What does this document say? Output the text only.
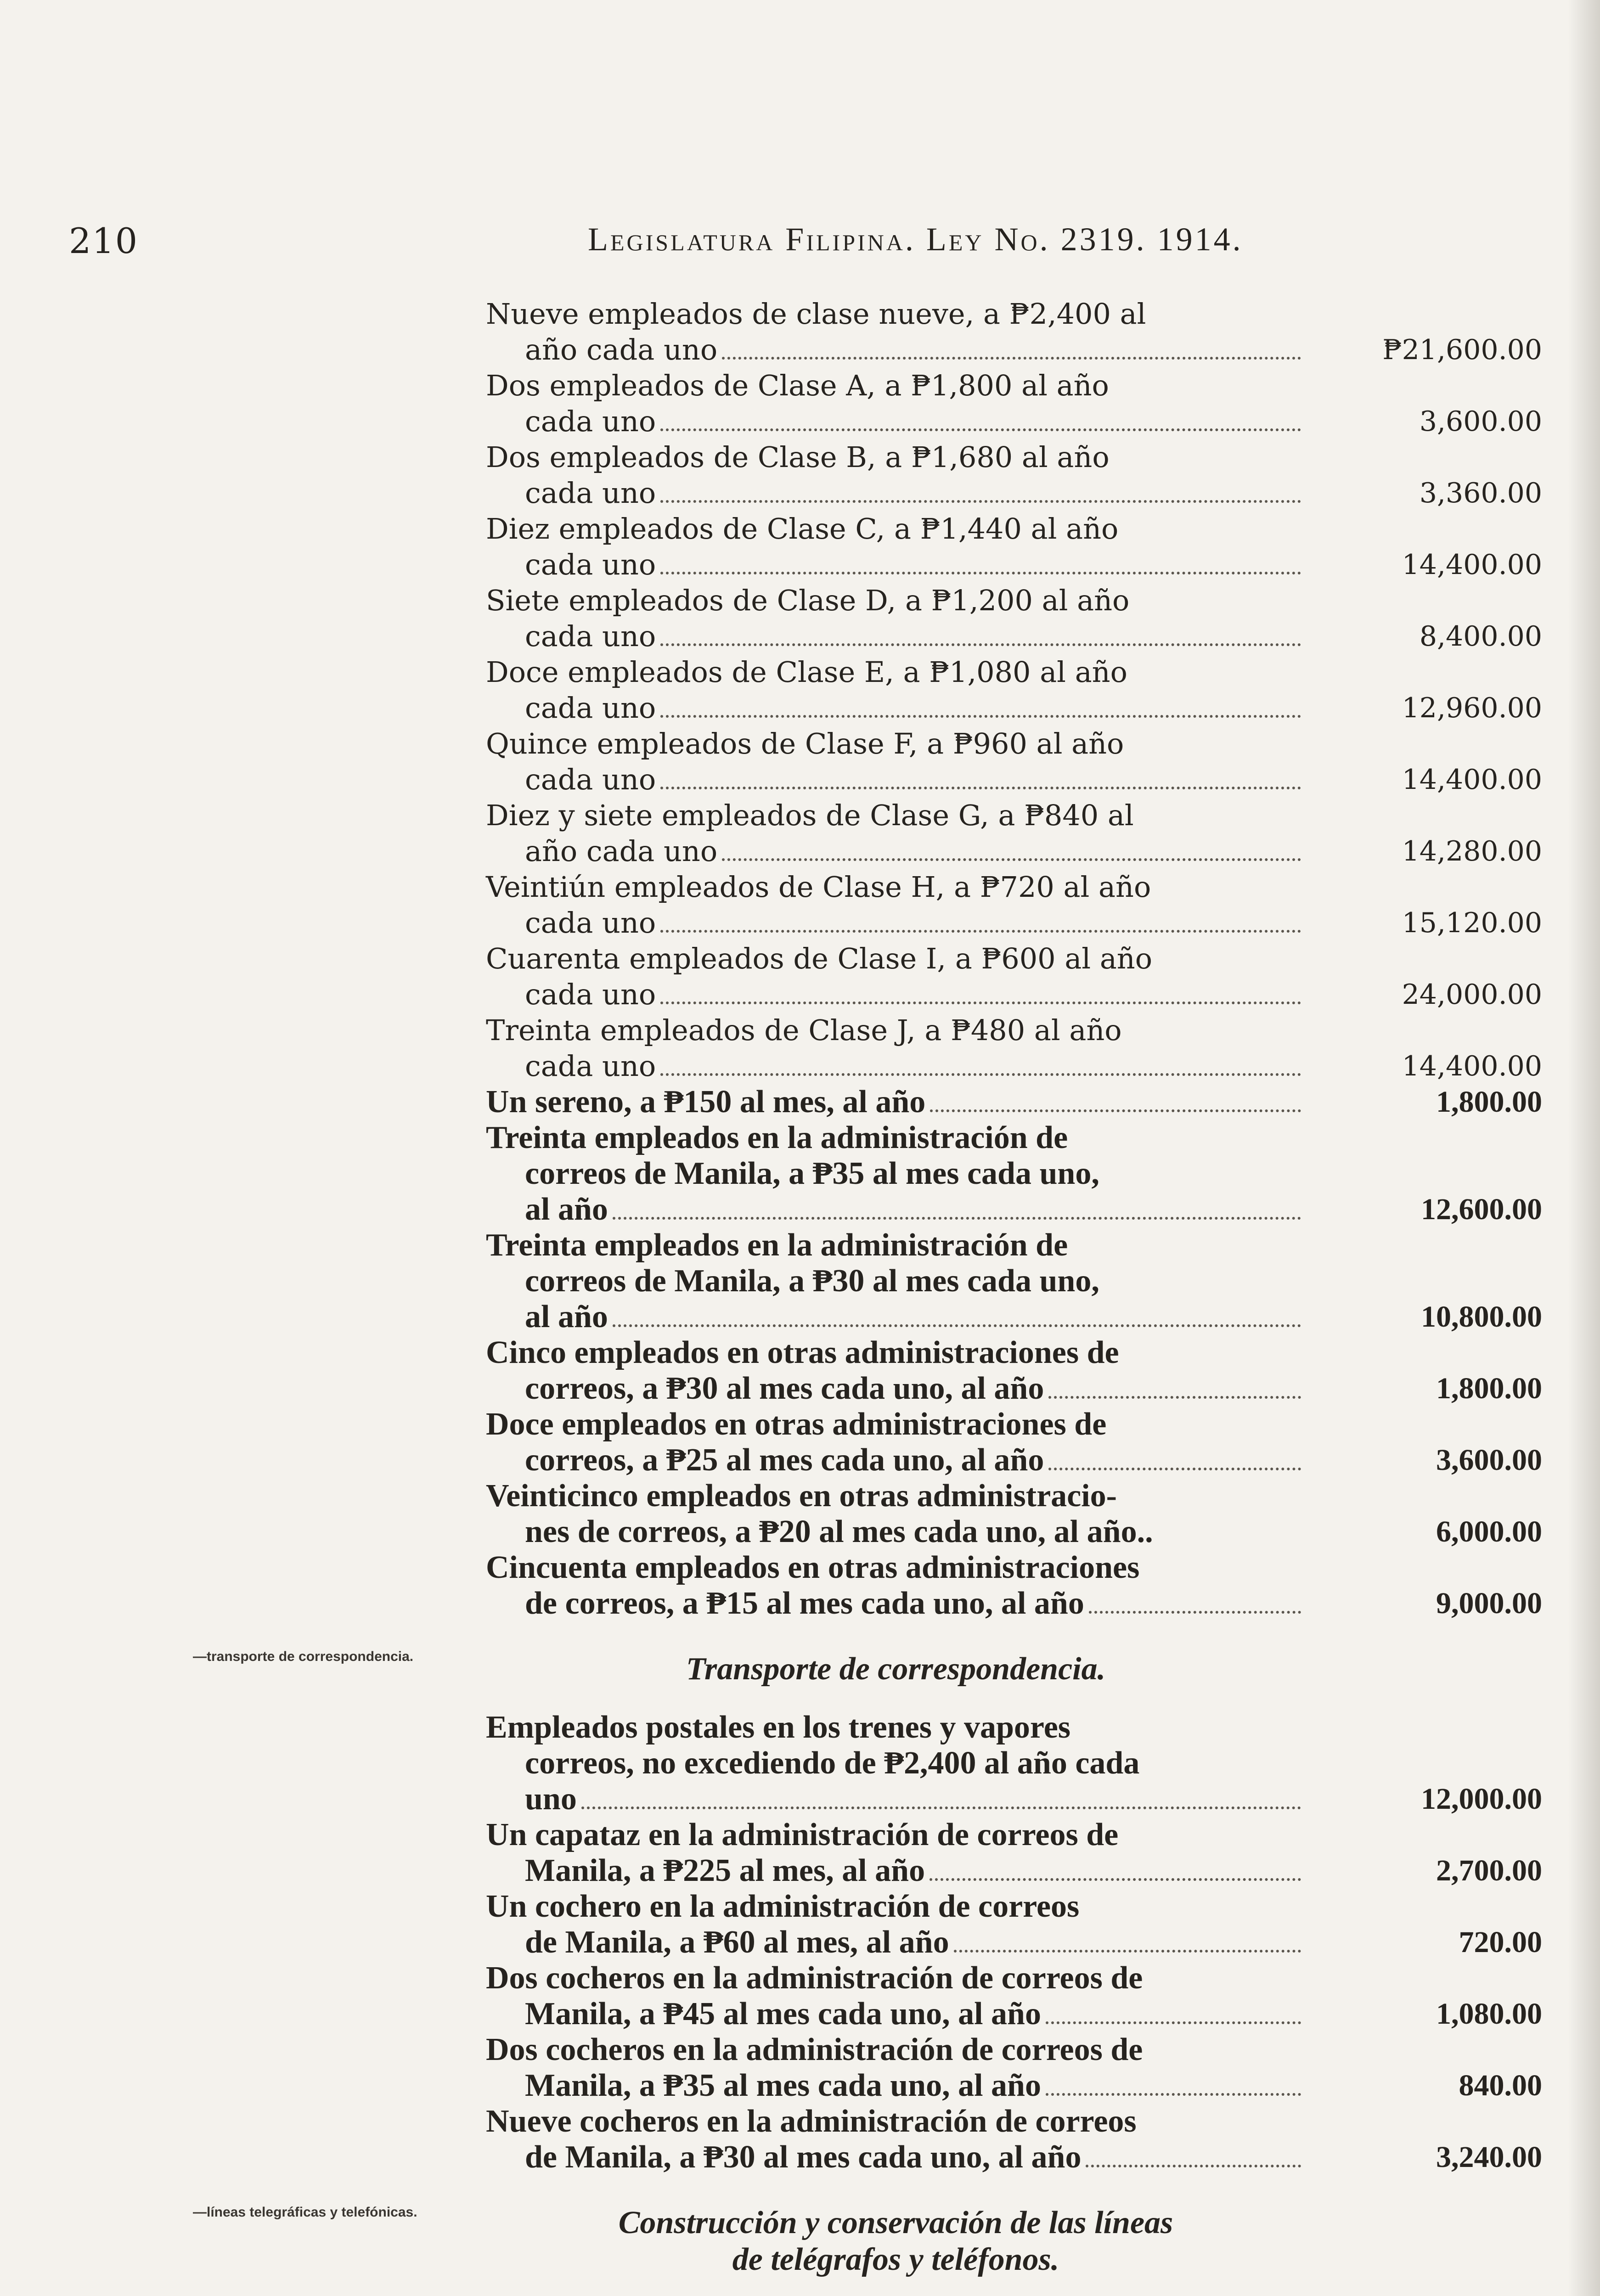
210	Legislatura Filipina. Ley No. 2319. 1914.
—transporte de correspondencia.
—líneas telegráficas y telefónicas.
Nueve empleados de clase nueve, a ₱2,400 al
año cada uno	₱21,600.00
Dos empleados de Clase A, a ₱1,800 al año
cada uno	3,600.00
Dos empleados de Clase B, a ₱1,680 al año
cada uno	3,360.00
Diez empleados de Clase C, a ₱1,440 al año
cada uno	14,400.00
Siete empleados de Clase D, a ₱1,200 al año
cada uno	8,400.00
Doce empleados de Clase E, a ₱1,080 al año
cada uno	12,960.00
Quince empleados de Clase F, a ₱960 al año
cada uno	14,400.00
Diez y siete empleados de Clase G, a ₱840 al
año cada uno	14,280.00
Veintiún empleados de Clase H, a ₱720 al año
cada uno	15,120.00
Cuarenta empleados de Clase I, a ₱600 al año
cada uno	24,000.00
Treinta empleados de Clase J, a ₱480 al año
cada uno	14,400.00
Un sereno, a ₱150 al mes, al año	1,800.00
Treinta empleados en la administración de
correos de Manila, a ₱35 al mes cada uno,
al año	12,600.00
Treinta empleados en la administración de
correos de Manila, a ₱30 al mes cada uno,
al año	10,800.00
Cinco empleados en otras administraciones de
correos, a ₱30 al mes cada uno, al año	1,800.00
Doce empleados en otras administraciones de
correos, a ₱25 al mes cada uno, al año	3,600.00
Veinticinco empleados en otras administracio-
nes de correos, a ₱20 al mes cada uno, al año..	6,000.00
Cincuenta empleados en otras administraciones
de correos, a ₱15 al mes cada uno, al año	9,000.00
Transporte de correspondencia.
Empleados postales en los trenes y vapores
correos, no excediendo de ₱2,400 al año cada
uno	12,000.00
Un capataz en la administración de correos de
Manila, a ₱225 al mes, al año	2,700.00
Un cochero en la administración de correos
de Manila, a ₱60 al mes, al año	720.00
Dos cocheros en la administración de correos de
Manila, a ₱45 al mes cada uno, al año	1,080.00
Dos cocheros en la administración de correos de
Manila, a ₱35 al mes cada uno, al año	840.00
Nueve cocheros en la administración de correos
de Manila, a ₱30 al mes cada uno, al año	3,240.00
Construcción y conservación de las líneas
de telégrafos y teléfonos.
